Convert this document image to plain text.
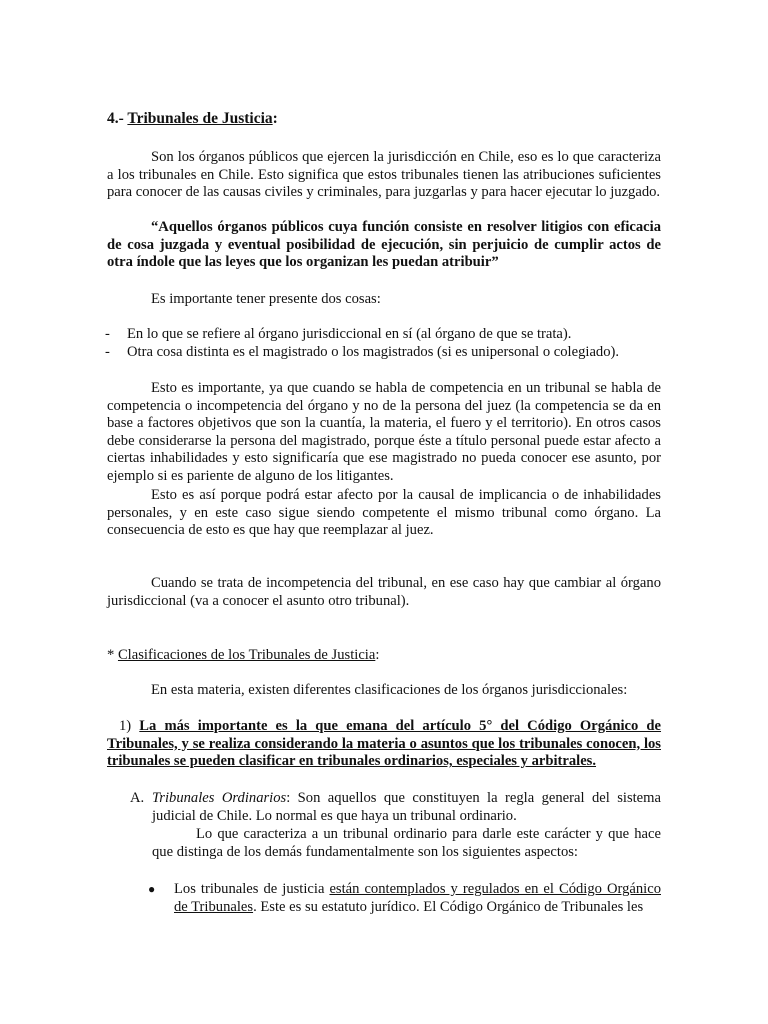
4.- Tribunales de Justicia:

Son los órganos públicos que ejercen la jurisdicción en Chile, eso es lo que caracteriza a los tribunales en Chile. Esto significa que estos tribunales tienen las atribuciones suficientes para conocer de las causas civiles y criminales, para juzgarlas y para hacer ejecutar lo juzgado.

“Aquellos órganos públicos cuya función consiste en resolver litigios con eficacia de cosa juzgada y eventual posibilidad de ejecución, sin perjuicio de cumplir actos de otra índole que las leyes que los organizan les puedan atribuir”

Es importante tener presente dos cosas:

- En lo que se refiere al órgano jurisdiccional en sí (al órgano de que se trata).
- Otra cosa distinta es el magistrado o los magistrados (si es unipersonal o colegiado).

Esto es importante, ya que cuando se habla de competencia en un tribunal se habla de competencia o incompetencia del órgano y no de la persona del juez (la competencia se da en base a factores objetivos que son la cuantía, la materia, el fuero y el territorio). En otros casos debe considerarse la persona del magistrado, porque éste a título personal puede estar afecto a ciertas inhabilidades y esto significaría que ese magistrado no pueda conocer ese asunto, por ejemplo si es pariente de alguno de los litigantes.

Esto es así porque podrá estar afecto por la causal de implicancia o de inhabilidades personales, y en este caso sigue siendo competente el mismo tribunal como órgano. La consecuencia de esto es que hay que reemplazar al juez.

Cuando se trata de incompetencia del tribunal, en ese caso hay que cambiar al órgano jurisdiccional (va a conocer el asunto otro tribunal).

* Clasificaciones de los Tribunales de Justicia:

En esta materia, existen diferentes clasificaciones de los órganos jurisdiccionales:

1) La más importante es la que emana del artículo 5° del Código Orgánico de Tribunales, y se realiza considerando la materia o asuntos que los tribunales conocen, los tribunales se pueden clasificar en tribunales ordinarios, especiales y arbitrales.

A. Tribunales Ordinarios: Son aquellos que constituyen la regla general del sistema judicial de Chile. Lo normal es que haya un tribunal ordinario.

Lo que caracteriza a un tribunal ordinario para darle este carácter y que hace que distinga de los demás fundamentalmente son los siguientes aspectos:

● Los tribunales de justicia están contemplados y regulados en el Código Orgánico de Tribunales. Este es su estatuto jurídico. El Código Orgánico de Tribunales les
